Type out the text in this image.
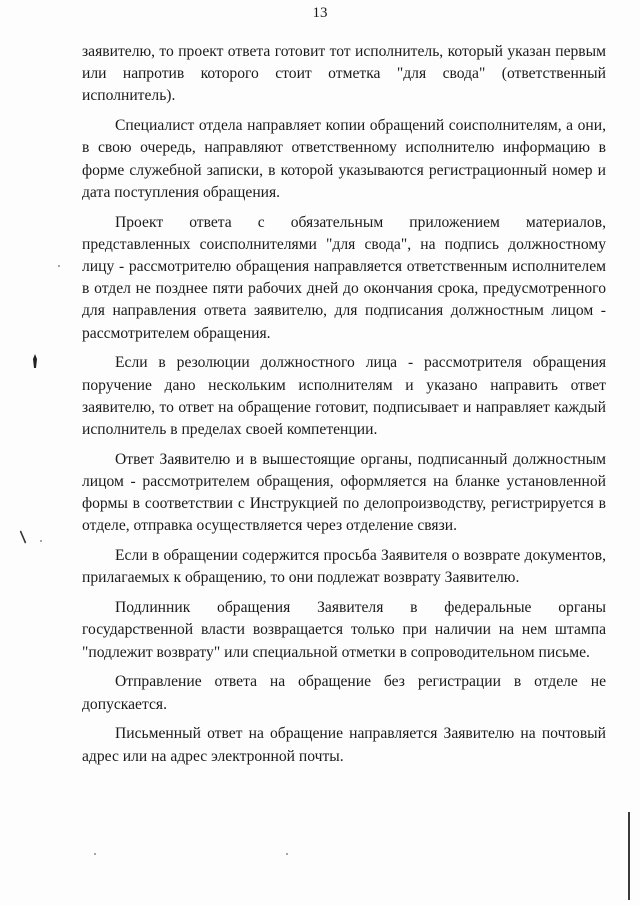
13

заявителю, то проект ответа готовит тот исполнитель, который указан первым или напротив которого стоит отметка "для свода" (ответственный исполнитель).

Специалист отдела направляет копии обращений соисполнителям, а они, в свою очередь, направляют ответственному исполнителю информацию в форме служебной записки, в которой указываются регистрационный номер и дата поступления обращения.

Проект ответа с обязательным приложением материалов, представленных соисполнителями "для свода", на подпись должностному лицу - рассмотрителю обращения направляется ответственным исполнителем в отдел не позднее пяти рабочих дней до окончания срока, предусмотренного для направления ответа заявителю, для подписания должностным лицом - рассмотрителем обращения.

Если в резолюции должностного лица - рассмотрителя обращения поручение дано нескольким исполнителям и указано направить ответ заявителю, то ответ на обращение готовит, подписывает и направляет каждый исполнитель в пределах своей компетенции.

Ответ Заявителю и в вышестоящие органы, подписанный должностным лицом - рассмотрителем обращения, оформляется на бланке установленной формы в соответствии с Инструкцией по делопроизводству, регистрируется в отделе, отправка осуществляется через отделение связи.

Если в обращении содержится просьба Заявителя о возврате документов, прилагаемых к обращению, то они подлежат возврату Заявителю.

Подлинник обращения Заявителя в федеральные органы государственной власти возвращается только при наличии на нем штампа "подлежит возврату" или специальной отметки в сопроводительном письме.

Отправление ответа на обращение без регистрации в отделе не допускается.

Письменный ответ на обращение направляется Заявителю на почтовый адрес или на адрес электронной почты.
